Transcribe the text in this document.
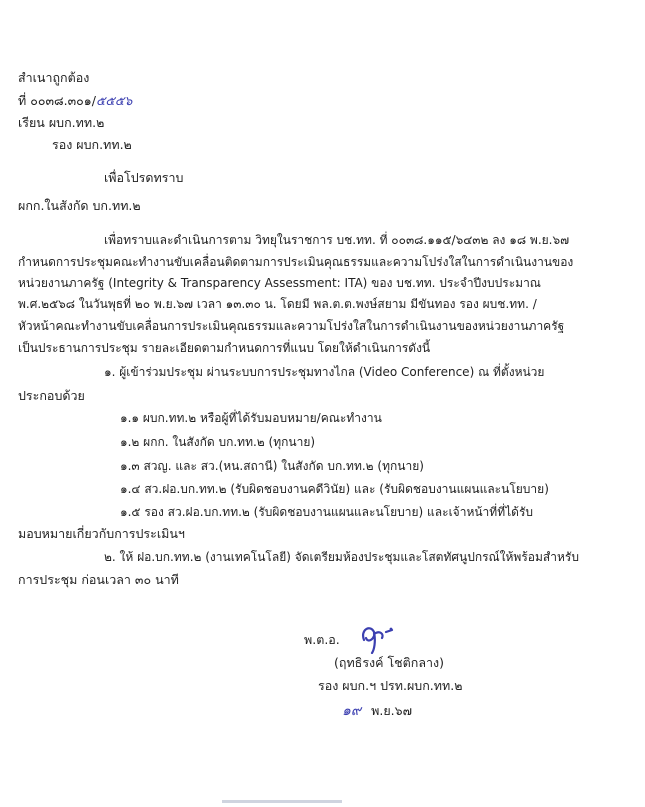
สำเนาถูกต้อง
ที่ ๐๐๓๘.๓๐๑/๕๕๕๖
เรียน ผบก.ทท.๒
รอง ผบก.ทท.๒
เพื่อโปรดทราบ
ผกก.ในสังกัด บก.ทท.๒
เพื่อทราบและดำเนินการตาม วิทยุในราชการ บช.ทท. ที่ ๐๐๓๘.๑๑๕/๖๔๓๒ ลง ๑๘ พ.ย.๖๗
กำหนดการประชุมคณะทำงานขับเคลื่อนติดตามการประเมินคุณธรรมและความโปร่งใสในการดำเนินงานของ
หน่วยงานภาครัฐ (Integrity & Transparency Assessment: ITA) ของ บช.ทท. ประจำปีงบประมาณ
พ.ศ.๒๕๖๘ ในวันพุธที่ ๒๐ พ.ย.๖๗ เวลา ๑๓.๓๐ น. โดยมี พล.ต.ต.พงษ์สยาม มีขันทอง รอง ผบช.ทท. /
หัวหน้าคณะทำงานขับเคลื่อนการประเมินคุณธรรมและความโปร่งใสในการดำเนินงานของหน่วยงานภาครัฐ
เป็นประธานการประชุม รายละเอียดตามกำหนดการที่แนบ โดยให้ดำเนินการดังนี้
๑. ผู้เข้าร่วมประชุม ผ่านระบบการประชุมทางไกล (Video Conference) ณ ที่ตั้งหน่วย
ประกอบด้วย
๑.๑ ผบก.ทท.๒ หรือผู้ที่ได้รับมอบหมาย/คณะทำงาน
๑.๒ ผกก. ในสังกัด บก.ทท.๒ (ทุกนาย)
๑.๓ สวญ. และ สว.(หน.สถานี) ในสังกัด บก.ทท.๒ (ทุกนาย)
๑.๔ สว.ฝอ.บก.ทท.๒ (รับผิดชอบงานคดีวินัย) และ (รับผิดชอบงานแผนและนโยบาย)
๑.๕ รอง สว.ฝอ.บก.ทท.๒ (รับผิดชอบงานแผนและนโยบาย) และเจ้าหน้าที่ที่ได้รับ
มอบหมายเกี่ยวกับการประเมินฯ
๒. ให้ ฝอ.บก.ทท.๒ (งานเทคโนโลยี) จัดเตรียมห้องประชุมและโสตทัศนูปกรณ์ให้พร้อมสำหรับ
การประชุม ก่อนเวลา ๓๐ นาที
พ.ต.อ.
(ฤทธิรงค์ โชติกลาง)
รอง ผบก.ฯ ปรท.ผบก.ทท.๒
๑๙ พ.ย.๖๗
